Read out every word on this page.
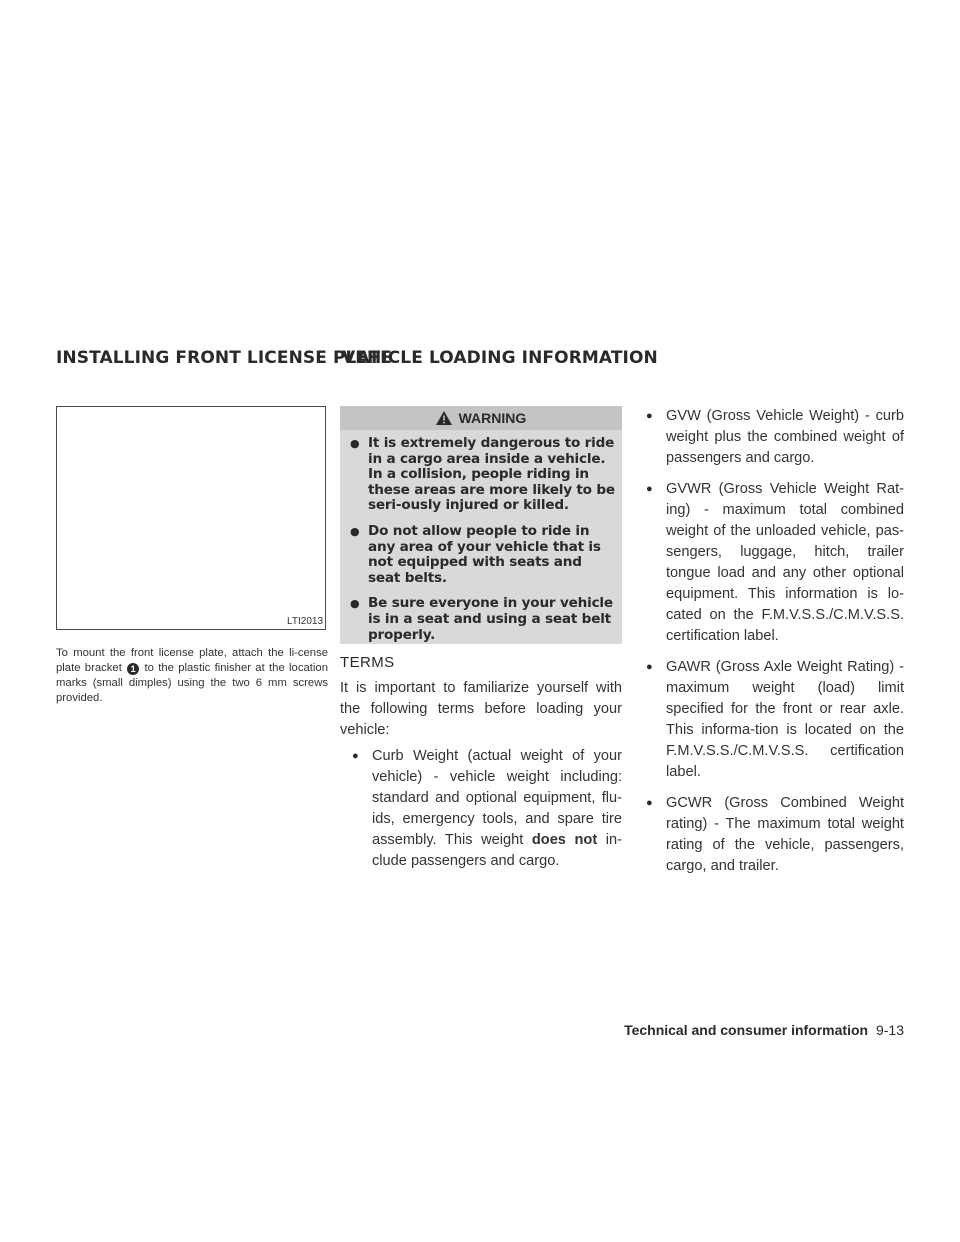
INSTALLING FRONT LICENSE PLATE
VEHICLE LOADING INFORMATION
LTI2013
To mount the front license plate, attach the li-cense plate bracket 1 to the plastic finisher at the location marks (small dimples) using the two 6 mm screws provided.
WARNING
● It is extremely dangerous to ride in a cargo area inside a vehicle. In a collision, people riding in these areas are more likely to be seri-ously injured or killed.
● Do not allow people to ride in any area of your vehicle that is not equipped with seats and seat belts.
● Be sure everyone in your vehicle is in a seat and using a seat belt properly.
TERMS
It is important to familiarize yourself with the following terms before loading your vehicle:
● Curb Weight (actual weight of your vehicle) - vehicle weight including: standard and optional equipment, flu-ids, emergency tools, and spare tire assembly. This weight does not in-clude passengers and cargo.
● GVW (Gross Vehicle Weight) - curb weight plus the combined weight of passengers and cargo.
● GVWR (Gross Vehicle Weight Rat-ing) - maximum total combined weight of the unloaded vehicle, pas-sengers, luggage, hitch, trailer tongue load and any other optional equipment. This information is lo-cated on the F.M.V.S.S./C.M.V.S.S. certification label.
● GAWR (Gross Axle Weight Rating) - maximum weight (load) limit specified for the front or rear axle. This informa-tion is located on the F.M.V.S.S./C.M.V.S.S. certification label.
● GCWR (Gross Combined Weight rating) - The maximum total weight rating of the vehicle, passengers, cargo, and trailer.
Technical and consumer information 9-13
